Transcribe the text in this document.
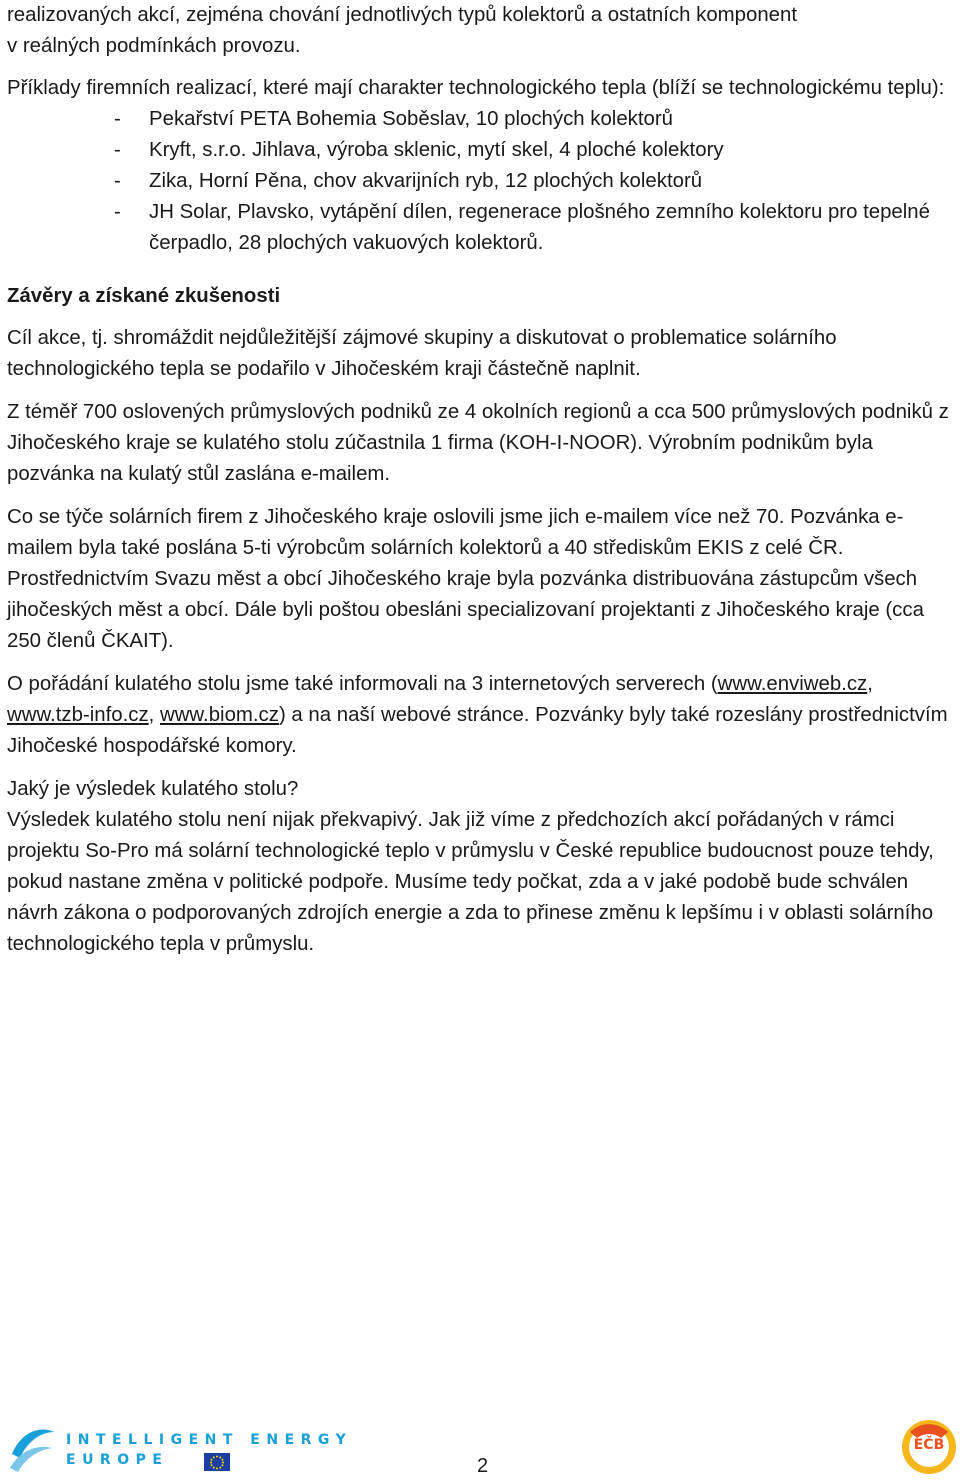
realizovaných akcí, zejména chování jednotlivých typů kolektorů a ostatních komponent

v reálných podmínkách provozu.

Příklady firemních realizací, které mají charakter technologického tepla (blíží se technologickému teplu):

- Pekařství PETA Bohemia Soběslav, 10 plochých kolektorů
- Kryft, s.r.o. Jihlava, výroba sklenic, mytí skel, 4 ploché kolektory
- Zika, Horní Pěna, chov akvarijních ryb, 12 plochých kolektorů
- JH Solar, Plavsko, vytápění dílen, regenerace plošného zemního kolektoru pro tepelné čerpadlo, 28 plochých vakuových kolektorů.
Závěry a získané zkušenosti

Cíl akce, tj. shromáždit nejdůležitější zájmové skupiny a diskutovat o problematice solárního technologického tepla se podařilo v Jihočeském kraji částečně naplnit.

Z téměř 700 oslovených průmyslových podniků ze 4 okolních regionů a cca 500 průmyslových podniků z Jihočeského kraje se kulatého stolu zúčastnila 1 firma (KOH-I-NOOR). Výrobním podnikům byla pozvánka na kulatý stůl zaslána e-mailem.

Co se týče solárních firem z Jihočeského kraje oslovili jsme jich e-mailem více než 70. Pozvánka e-mailem byla také poslána 5-ti výrobcům solárních kolektorů a 40 střediskům EKIS z celé ČR. Prostřednictvím Svazu měst a obcí Jihočeského kraje byla pozvánka distribuována zástupcům všech jihočeských měst a obcí. Dále byli poštou obesláni specializovaní projektanti z Jihočeského kraje (cca 250 členů ČKAIT).

O pořádání kulatého stolu jsme také informovali na 3 internetových serverech (www.enviweb.cz, www.tzb-info.cz, www.biom.cz) a na naší webové stránce. Pozvánky byly také rozeslány prostřednictvím Jihočeské hospodářské komory.

Jaký je výsledek kulatého stolu?

Výsledek kulatého stolu není nijak překvapivý. Jak již víme z předchozích akcí pořádaných v rámci projektu So-Pro má solární technologické teplo v průmyslu v České republice budoucnost pouze tehdy, pokud nastane změna v politické podpoře. Musíme tedy počkat, zda a v jaké podobě bude schválen návrh zákona o podporovaných zdrojích energie a zda to přinese změnu k lepšímu i v oblasti solárního technologického tepla v průmyslu.

INTELLIGENT ENERGY
EUROPE	2
EČB
